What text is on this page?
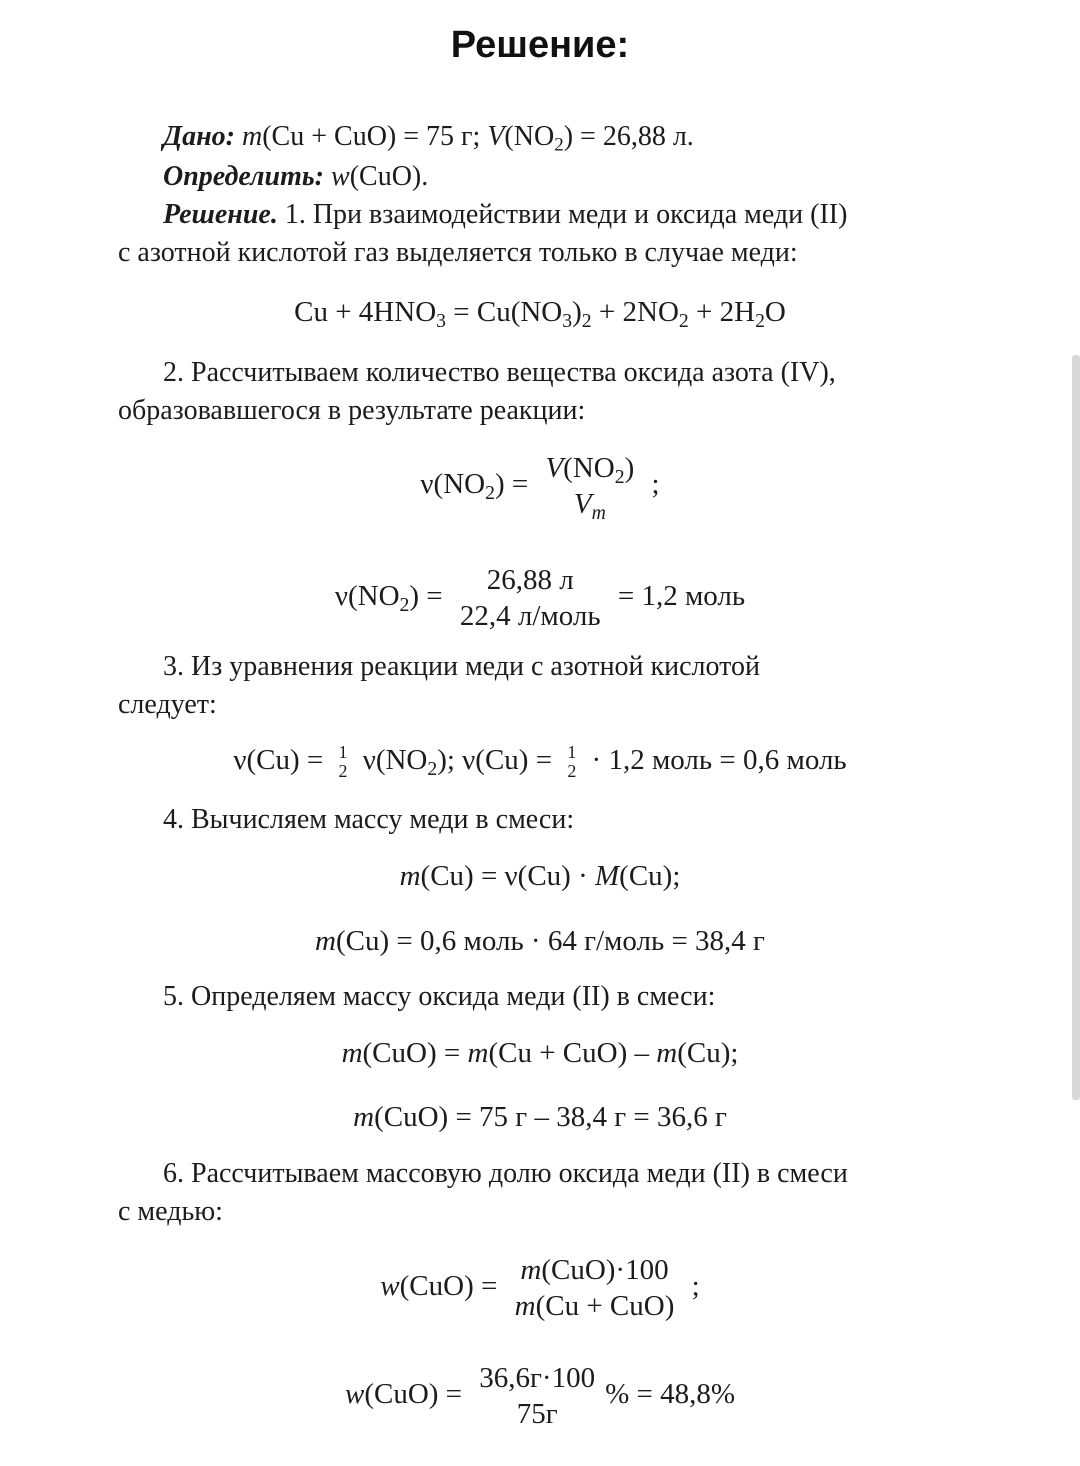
Решение:
Дано: m(Cu + CuO) = 75 г; $V(NO_2) = 26,88$ л.
Определить: w(CuO).
Решение. 1. При взаимодействии меди и оксида меди (II)
с азотной кислотой газ выделяется только в случае меди:
$Cu + 4HNO_3 = Cu(NO_3)_2 + 2NO_2 + 2H_2O$
2. Рассчитываем количество вещества оксида азота (IV),
образовавшегося в результате реакции:
$\nu(NO_2) = V(NO_2)$
$V_m$
;
$\nu(NO_2) = 26,88$ л
22,4 л/моль
= 1,2 моль
3. Из уравнения реакции меди с азотной кислотой
следует:
ν(Cu) = 1
2 $\nu(NO_2)$; ν(Cu) = 1
2 · 1,2 моль = 0,6 моль
4. Вычисляем массу меди в смеси:
m(Cu) = ν(Cu) · M(Cu);
m(Cu) = 0,6 моль · 64 г/моль = 38,4 г
5. Определяем массу оксида меди (II) в смеси:
m(CuO) = m(Cu + CuO) – m(Cu);
m(CuO) = 75 г – 38,4 г = 36,6 г
6. Рассчитываем массовую долю оксида меди (II) в смеси
с медью:
w(CuO) = m(CuO)·100
m(Cu + CuO)
;
w(CuO) = 36,6г·100
75г
% = 48,8%
